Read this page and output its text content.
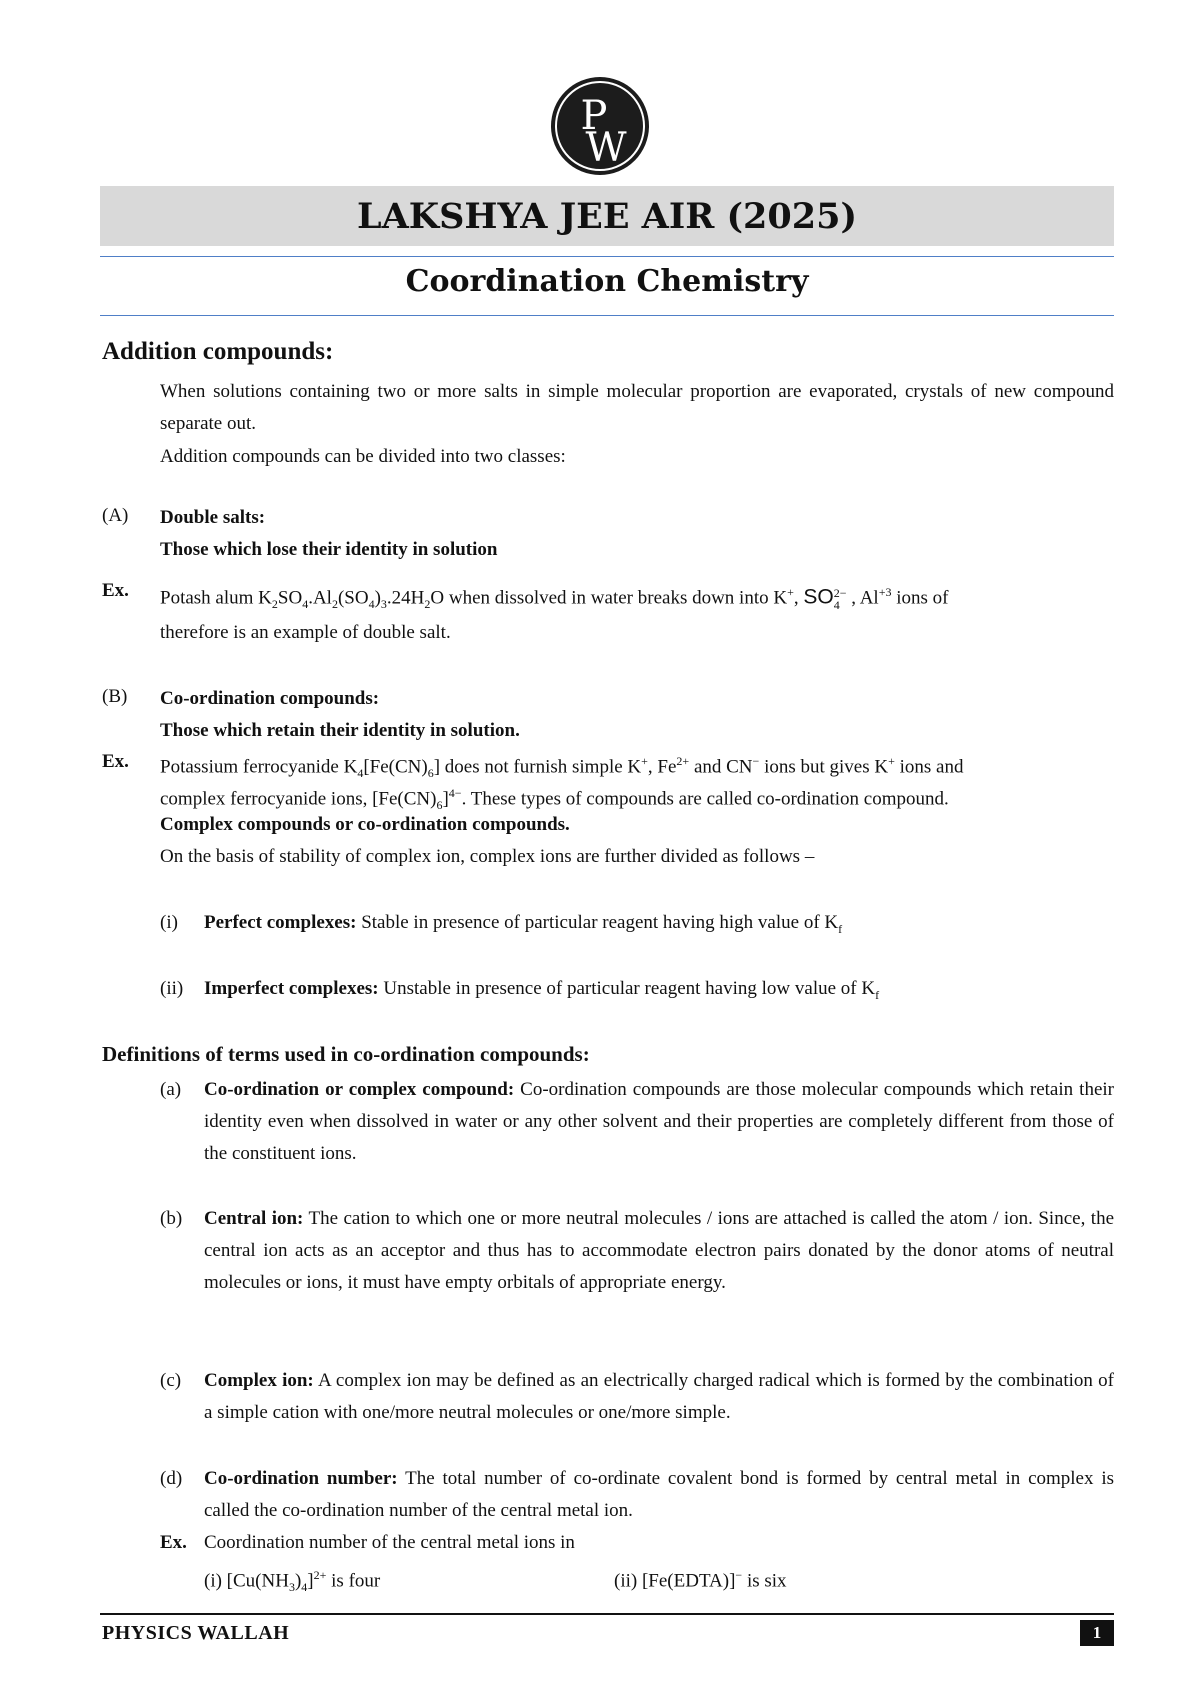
P
W
LAKSHYA JEE AIR (2025)
Coordination Chemistry
Addition compounds:
When solutions containing two or more salts in simple molecular proportion are evaporated, crystals of new compound separate out.
Addition compounds can be divided into two classes:
(A) Double salts:
Those which lose their identity in solution
Ex. Potash alum $K_2SO_4.Al_2(SO_4)_3.24H_2O$ when dissolved in water breaks down into K+, SO 2−
4 , $Al^{+3}$ ions of
therefore is an example of double salt.
(B) Co-ordination compounds:
Those which retain their identity in solution.
Ex. Potassium ferrocyanide $K_4[Fe(CN)_6]$ does not furnish simple K+, $Fe^{2+}$ and CN− ions but gives K+ ions and
complex ferrocyanide ions, $[Fe(CN)_6]^{4-}$. These types of compounds are called co-ordination compound.
Complex compounds or co-ordination compounds.
On the basis of stability of complex ion, complex ions are further divided as follows –
(i) Perfect complexes: Stable in presence of particular reagent having high value of $K_f$
(ii) Imperfect complexes: Unstable in presence of particular reagent having low value of $K_f$
Definitions of terms used in co-ordination compounds:
(a) Co-ordination or complex compound: Co-ordination compounds are those molecular compounds which retain their identity even when dissolved in water or any other solvent and their properties are completely different from those of the constituent ions.
(b) Central ion: The cation to which one or more neutral molecules / ions are attached is called the atom / ion. Since, the central ion acts as an acceptor and thus has to accommodate electron pairs donated by the donor atoms of neutral molecules or ions, it must have empty orbitals of appropriate energy.
(c) Complex ion: A complex ion may be defined as an electrically charged radical which is formed by the combination of a simple cation with one/more neutral molecules or one/more simple.
(d) Co-ordination number: The total number of co-ordinate covalent bond is formed by central metal in complex is called the co-ordination number of the central metal ion.
Ex. Coordination number of the central metal ions in
(i) $[Cu(NH_3)_4]^{2+}$ is four	(ii) [Fe(EDTA)]− is six
PHYSICS WALLAH	1
